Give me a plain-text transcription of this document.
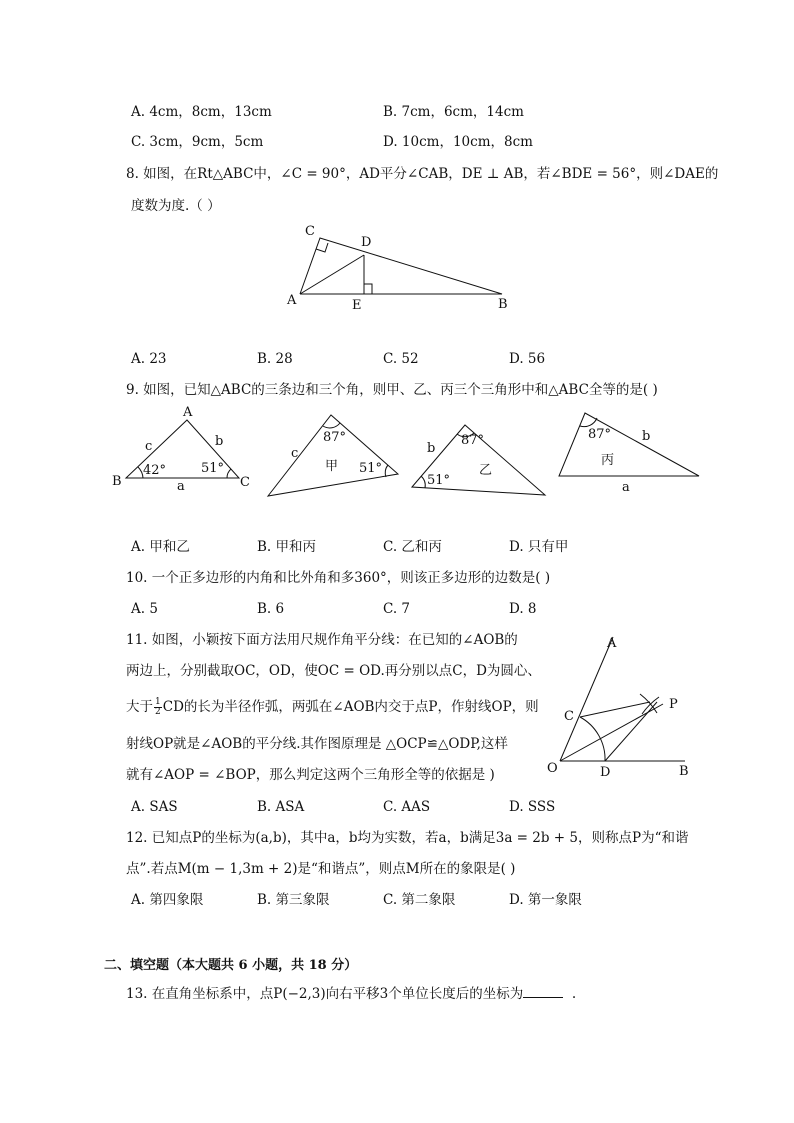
A. 4cm，8cm，13cm	B. 7cm，6cm，14cm
C. 3cm，9cm，5cm	D. 10cm，10cm，8cm
8. 如图，在Rt△ABC中，∠C = 90°，AD平分∠CAB，DE ⊥ AB，若∠BDE = 56°，则∠DAE的
度数为度.（ ）
C
D
A	E	B
A. 23	B. 28	C. 52	D. 56
9. 如图，已知△ABC的三条边和三个角，则甲、乙、丙三个三角形中和△ABC全等的是( )
A
B	C
a
b
c
42°	51°
c
87°
51°
甲
b
87°
51°
乙
b
a
87°
丙
A. 甲和乙	B. 甲和丙	C. 乙和丙	D. 只有甲
10. 一个正多边形的内角和比外角和多360°，则该正多边形的边数是( )
A. 5	B. 6	C. 7	D. 8
11. 如图，小颖按下面方法用尺规作角平分线：在已知的∠AOB的
两边上，分别截取OC，OD，使OC = OD.再分别以点C，D为圆心、
大于 $\frac{1}{2}$ CD的长为半径作弧，两弧在∠AOB内交于点P，作射线OP，则
射线OP就是∠AOB的平分线.其作图原理是 △OCP≌△ODP,这样
就有∠AOP = ∠BOP，那么判定这两个三角形全等的依据是 )
A
P
C
O	D	B
A. SAS	B. ASA	C. AAS	D. SSS
12. 已知点P的坐标为(a,b)，其中a，b均为实数，若a，b满足3a = 2b + 5，则称点P为“和谐
点”.若点M(m − 1,3m + 2)是“和谐点”，则点M所在的象限是( )
A. 第四象限	B. 第三象限	C. 第二象限	D. 第一象限
二、填空题（本大题共 6 小题，共 18 分）
13. 在直角坐标系中，点P(−2,3)向右平移3个单位长度后的坐标为	.
